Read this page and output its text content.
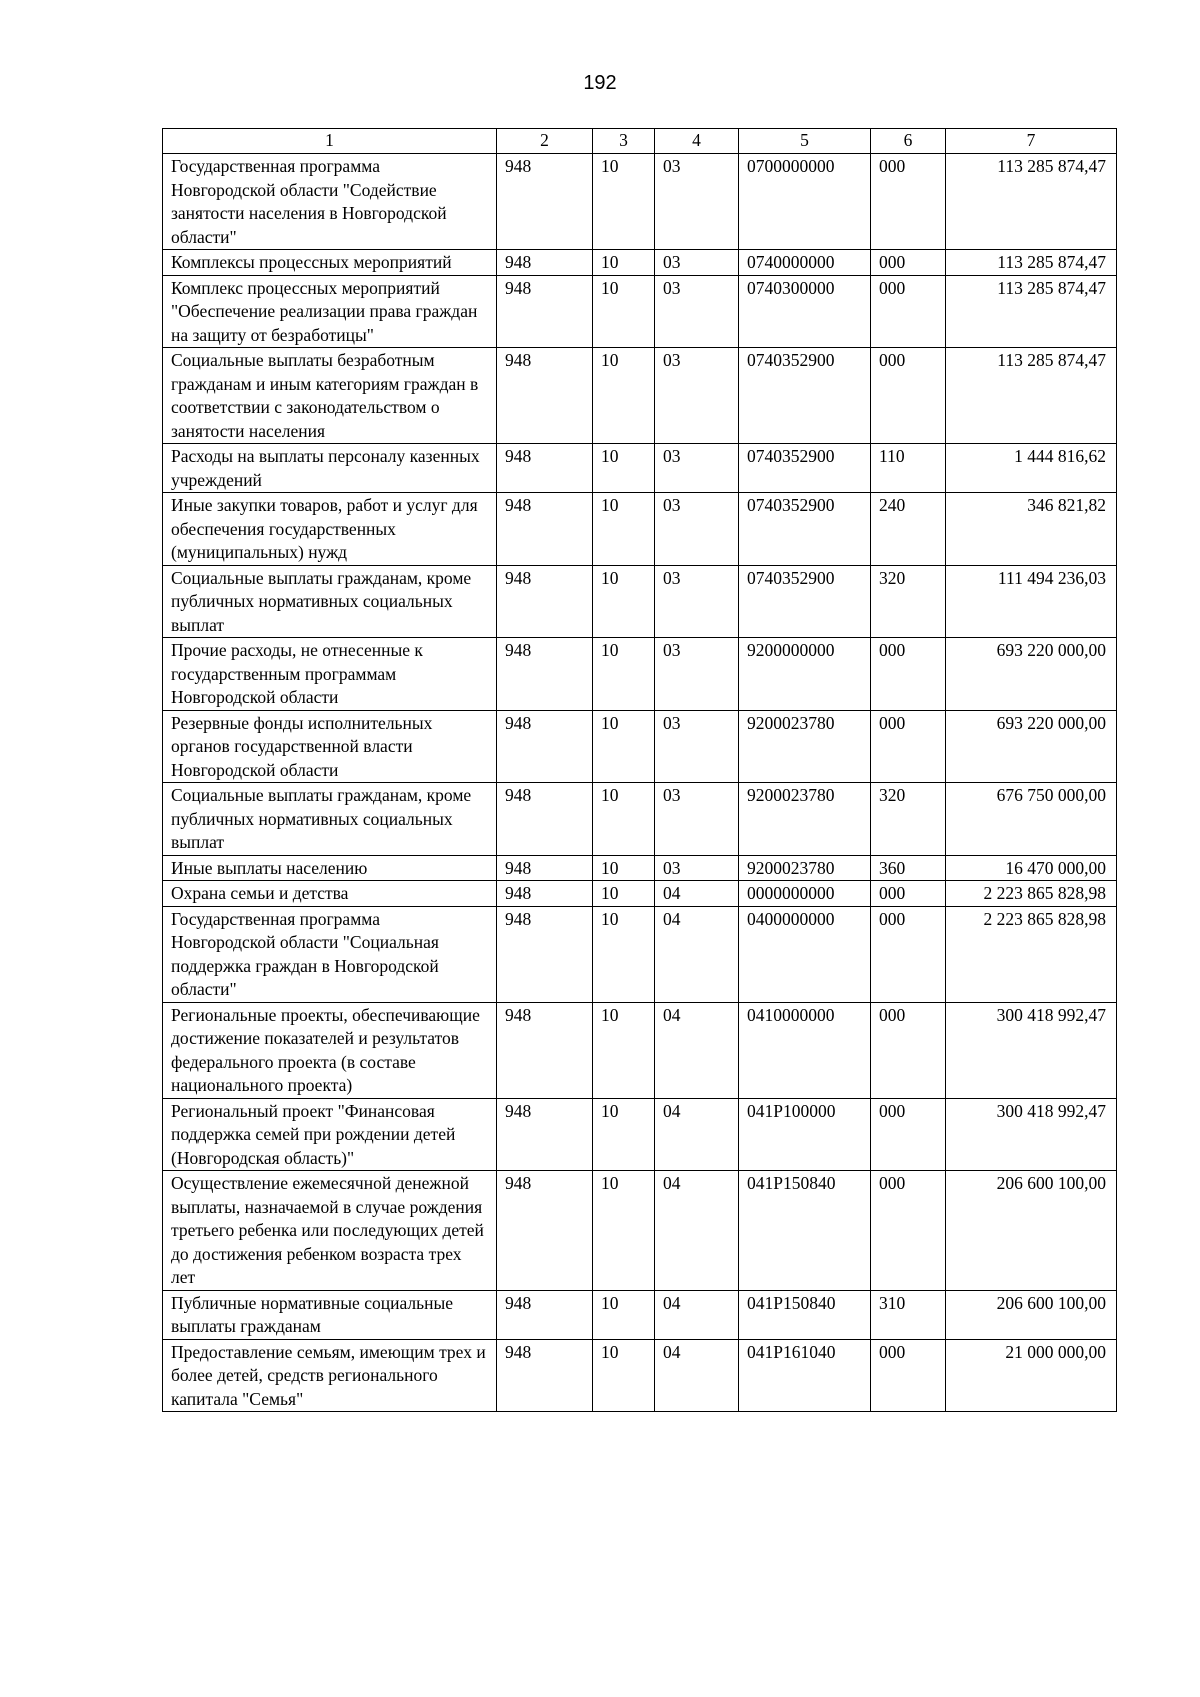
192
1	2	3	4	5	6	7
Государственная программа Новгородской области "Содействие занятости населения в Новгородской области"	948	10	03	0700000000	000	113 285 874,47
Комплексы процессных мероприятий	948	10	03	0740000000	000	113 285 874,47
Комплекс процессных мероприятий "Обеспечение реализации права граждан на защиту от безработицы"	948	10	03	0740300000	000	113 285 874,47
Социальные выплаты безработным гражданам и иным категориям граждан в соответствии с законодательством о занятости населения	948	10	03	0740352900	000	113 285 874,47
Расходы на выплаты персоналу казенных учреждений	948	10	03	0740352900	110	1 444 816,62
Иные закупки товаров, работ и услуг для обеспечения государственных (муниципальных) нужд	948	10	03	0740352900	240	346 821,82
Социальные выплаты гражданам, кроме публичных нормативных социальных выплат	948	10	03	0740352900	320	111 494 236,03
Прочие расходы, не отнесенные к государственным программам Новгородской области	948	10	03	9200000000	000	693 220 000,00
Резервные фонды исполнительных органов государственной власти Новгородской области	948	10	03	9200023780	000	693 220 000,00
Социальные выплаты гражданам, кроме публичных нормативных социальных выплат	948	10	03	9200023780	320	676 750 000,00
Иные выплаты населению	948	10	03	9200023780	360	16 470 000,00
Охрана семьи и детства	948	10	04	0000000000	000	2 223 865 828,98
Государственная программа Новгородской области "Социальная поддержка граждан в Новгородской области"	948	10	04	0400000000	000	2 223 865 828,98
Региональные проекты, обеспечивающие достижение показателей и результатов федерального проекта (в составе национального проекта)	948	10	04	0410000000	000	300 418 992,47
Региональный проект "Финансовая поддержка семей при рождении детей (Новгородская область)"	948	10	04	041P100000	000	300 418 992,47
Осуществление ежемесячной денежной выплаты, назначаемой в случае рождения третьего ребенка или последующих детей до достижения ребенком возраста трех лет	948	10	04	041P150840	000	206 600 100,00
Публичные нормативные социальные выплаты гражданам	948	10	04	041P150840	310	206 600 100,00
Предоставление семьям, имеющим трех и более детей, средств регионального капитала "Семья"	948	10	04	041P161040	000	21 000 000,00
